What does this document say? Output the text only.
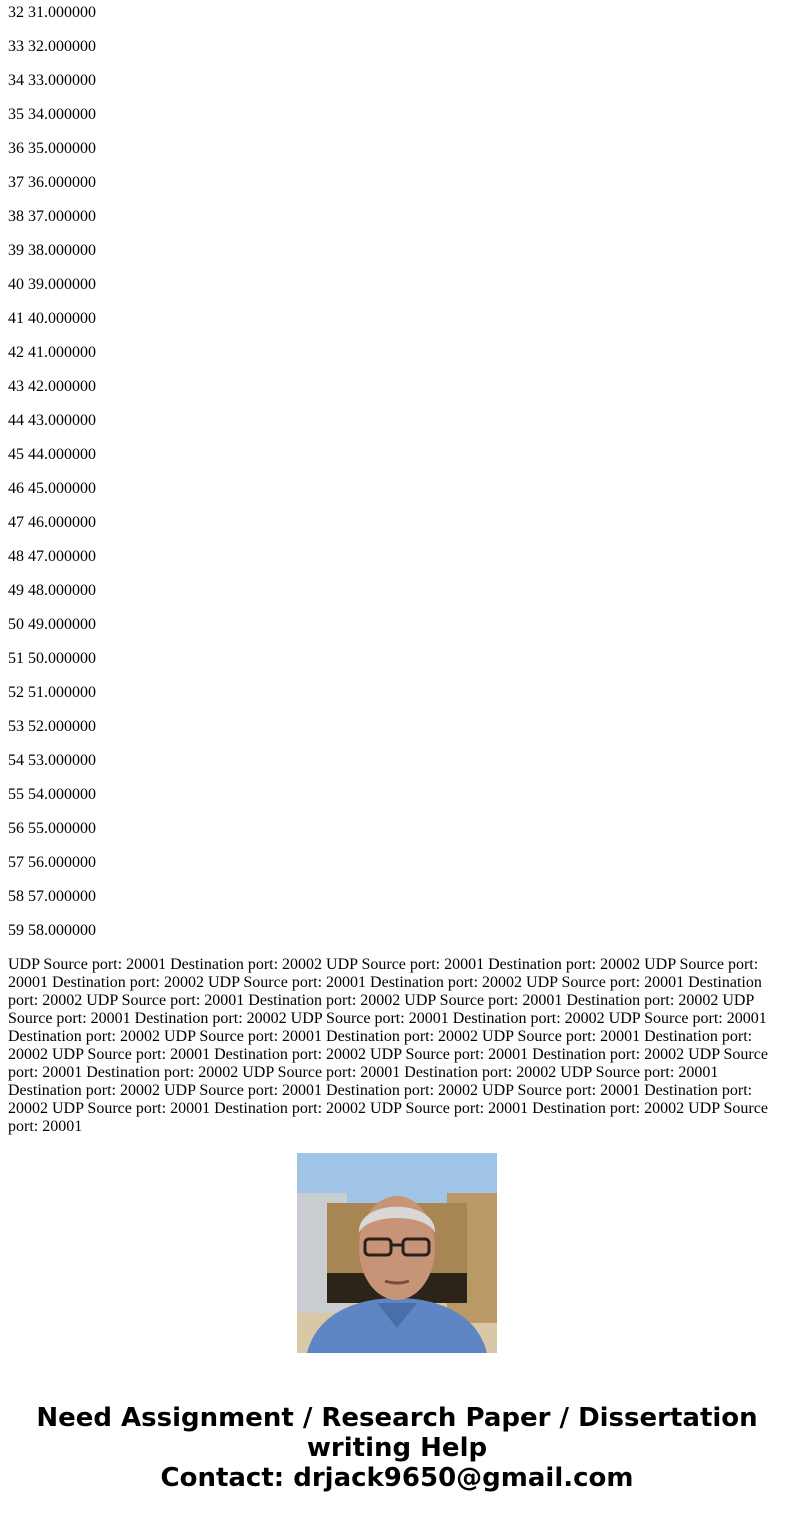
32 31.000000
33 32.000000
34 33.000000
35 34.000000
36 35.000000
37 36.000000
38 37.000000
39 38.000000
40 39.000000
41 40.000000
42 41.000000
43 42.000000
44 43.000000
45 44.000000
46 45.000000
47 46.000000
48 47.000000
49 48.000000
50 49.000000
51 50.000000
52 51.000000
53 52.000000
54 53.000000
55 54.000000
56 55.000000
57 56.000000
58 57.000000
59 58.000000
UDP Source port: 20001 Destination port: 20002 UDP Source port: 20001 Destination port: 20002 UDP Source port: 20001 Destination port: 20002 UDP Source port: 20001 Destination port: 20002 UDP Source port: 20001 Destination port: 20002 UDP Source port: 20001 Destination port: 20002 UDP Source port: 20001 Destination port: 20002 UDP Source port: 20001 Destination port: 20002 UDP Source port: 20001 Destination port: 20002 UDP Source port: 20001 Destination port: 20002 UDP Source port: 20001 Destination port: 20002 UDP Source port: 20001 Destination port: 20002 UDP Source port: 20001 Destination port: 20002 UDP Source port: 20001 Destination port: 20002 UDP Source port: 20001 Destination port: 20002 UDP Source port: 20001 Destination port: 20002 UDP Source port: 20001 Destination port: 20002 UDP Source port: 20001 Destination port: 20002 UDP Source port: 20001 Destination port: 20002 UDP Source port: 20001 Destination port: 20002 UDP Source port: 20001 Destination port: 20002 UDP Source port: 20001
Need Assignment / Research Paper / Dissertation
writing Help
Contact: drjack9650@gmail.com
